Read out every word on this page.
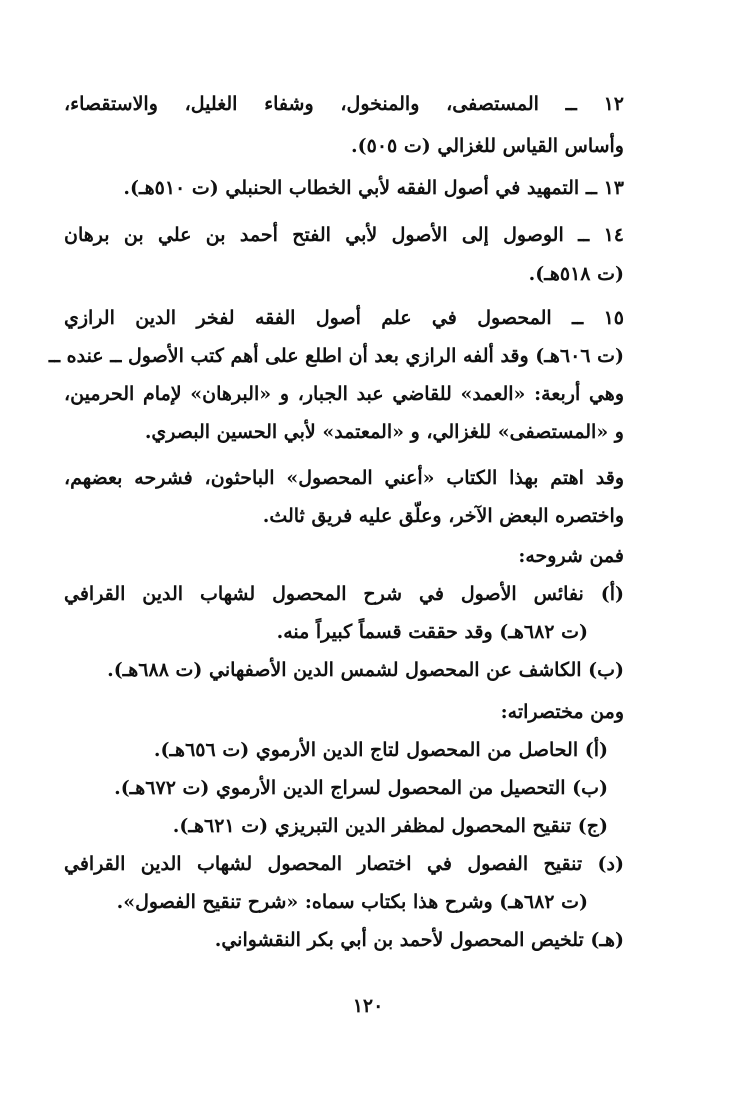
١٢ ــ المستصفى، والمنخول، وشفاء الغليل، والاستقصاء،
وأساس القياس للغزالي (ت ٥٠٥).
١٣ ــ التمهيد في أصول الفقه لأبي الخطاب الحنبلي (ت ٥١٠هـ).
١٤ ــ الوصول إلى الأصول لأبي الفتح أحمد بن علي بن برهان
(ت ٥١٨هـ).
١٥ ــ المحصول في علم أصول الفقه لفخر الدين الرازي
(ت ٦٠٦هـ) وقد ألفه الرازي بعد أن اطلع على أهم كتب الأصول ــ عنده ــ
وهي أربعة: «العمد» للقاضي عبد الجبار، و «البرهان» لإمام الحرمين،
و «المستصفى» للغزالي، و «المعتمد» لأبي الحسين البصري.
وقد اهتم بهذا الكتاب «أعني المحصول» الباحثون، فشرحه بعضهم،
واختصره البعض الآخر، وعلّق عليه فريق ثالث.
فمن شروحه:
(أ) نفائس الأصول في شرح المحصول لشهاب الدين القرافي
(ت ٦٨٢هـ) وقد حققت قسماً كبيراً منه.
(ب) الكاشف عن المحصول لشمس الدين الأصفهاني (ت ٦٨٨هـ).
ومن مختصراته:
(أ) الحاصل من المحصول لتاج الدين الأرموي (ت ٦٥٦هـ).
(ب) التحصيل من المحصول لسراج الدين الأرموي (ت ٦٧٢هـ).
(ج) تنقيح المحصول لمظفر الدين التبريزي (ت ٦٢١هـ).
(د) تنقيح الفصول في اختصار المحصول لشهاب الدين القرافي
(ت ٦٨٢هـ) وشرح هذا بكتاب سماه: «شرح تنقيح الفصول».
(هـ) تلخيص المحصول لأحمد بن أبي بكر النقشواني.
١٢٠
